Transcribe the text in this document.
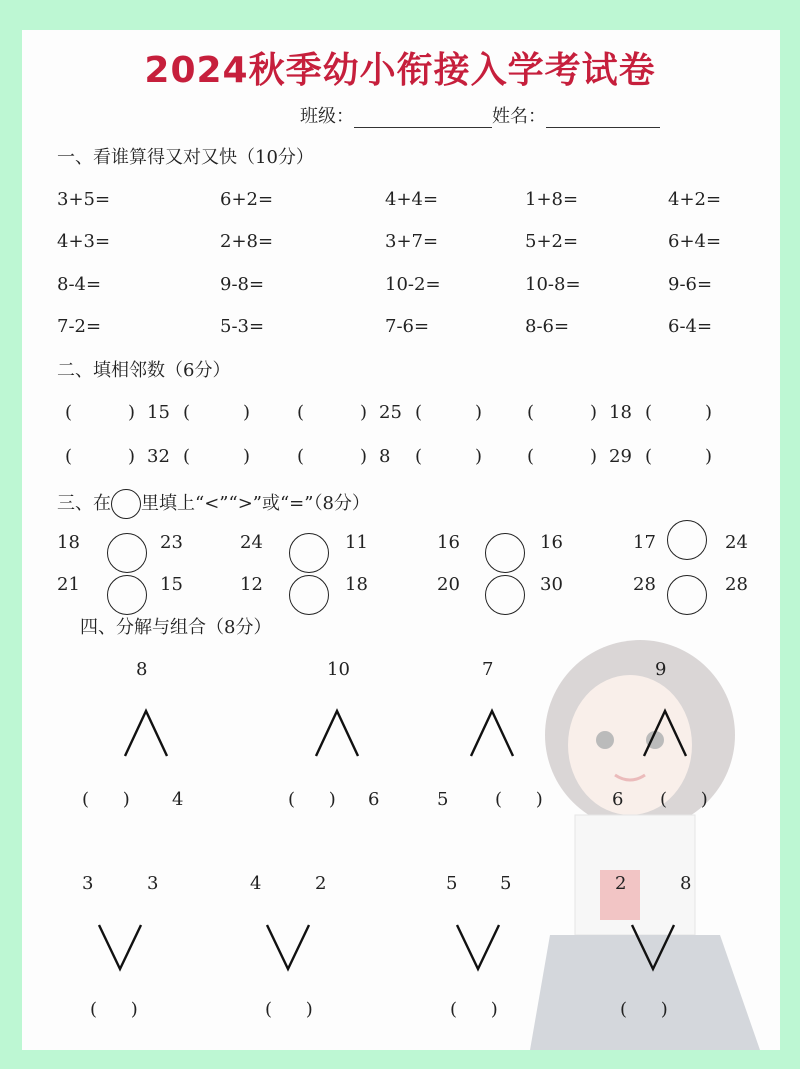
2024秋季幼小衔接入学考试卷
班级：	姓名：
一、看谁算得又对又快（10分）
3+5=	6+2=	4+4=	1+8=	4+2=
4+3=	2+8=	3+7=	5+2=	6+4=
8-4=	9-8=	10-2=	10-8=	9-6=
7-2=	5-3=	7-6=	8-6=	6-4=
二、填相邻数（6分）
(	) 15 (	)	(	) 25 (	) (	) 18 (	)
(	) 32 (	)	(	) 8 (	) (	) 29 (	)
三、在 里填上“<”“>”或“=”（8分）
18	23	24	11	16	16	17	24
21	15	12	18	20	30	28	28
四、分解与组合（8分）
8
( ) 4
10
( ) 6
7
5	( )
9
6 ( )
3	3
( )
4	2
( )
5 5
( )
2	8
( )
